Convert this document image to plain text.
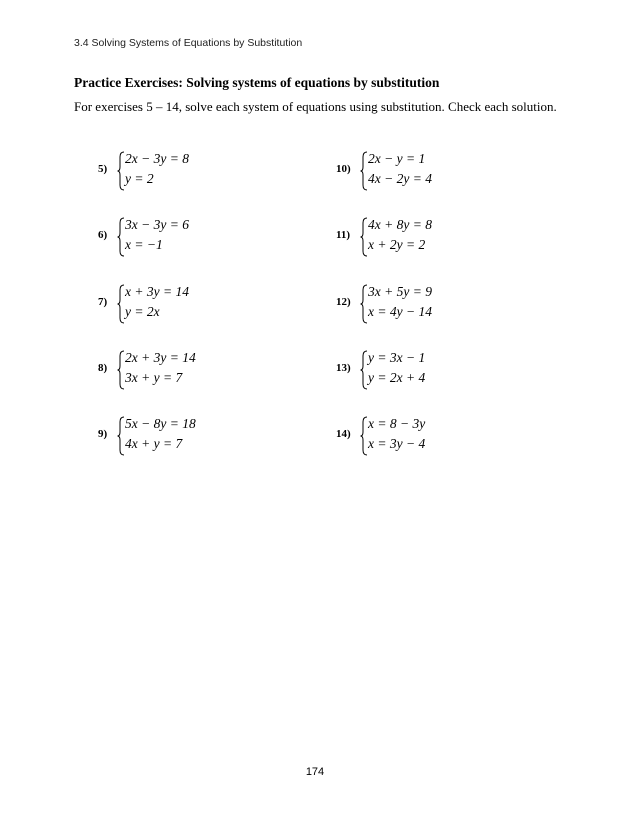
3.4 Solving Systems of Equations by Substitution
Practice Exercises: Solving systems of equations by substitution
For exercises 5 – 14, solve each system of equations using substitution. Check each solution.
5)
2x − 3y = 8
y = 2
6)
3x − 3y = 6
x = −1
7)
x + 3y = 14
y = 2x
8)
2x + 3y = 14
3x + y = 7
9)
5x − 8y = 18
4x + y = 7
10)
2x − y = 1
4x − 2y = 4
11)
4x + 8y = 8
x + 2y = 2
12)
3x + 5y = 9
x = 4y − 14
13)
y = 3x − 1
y = 2x + 4
14)
x = 8 − 3y
x = 3y − 4
174
